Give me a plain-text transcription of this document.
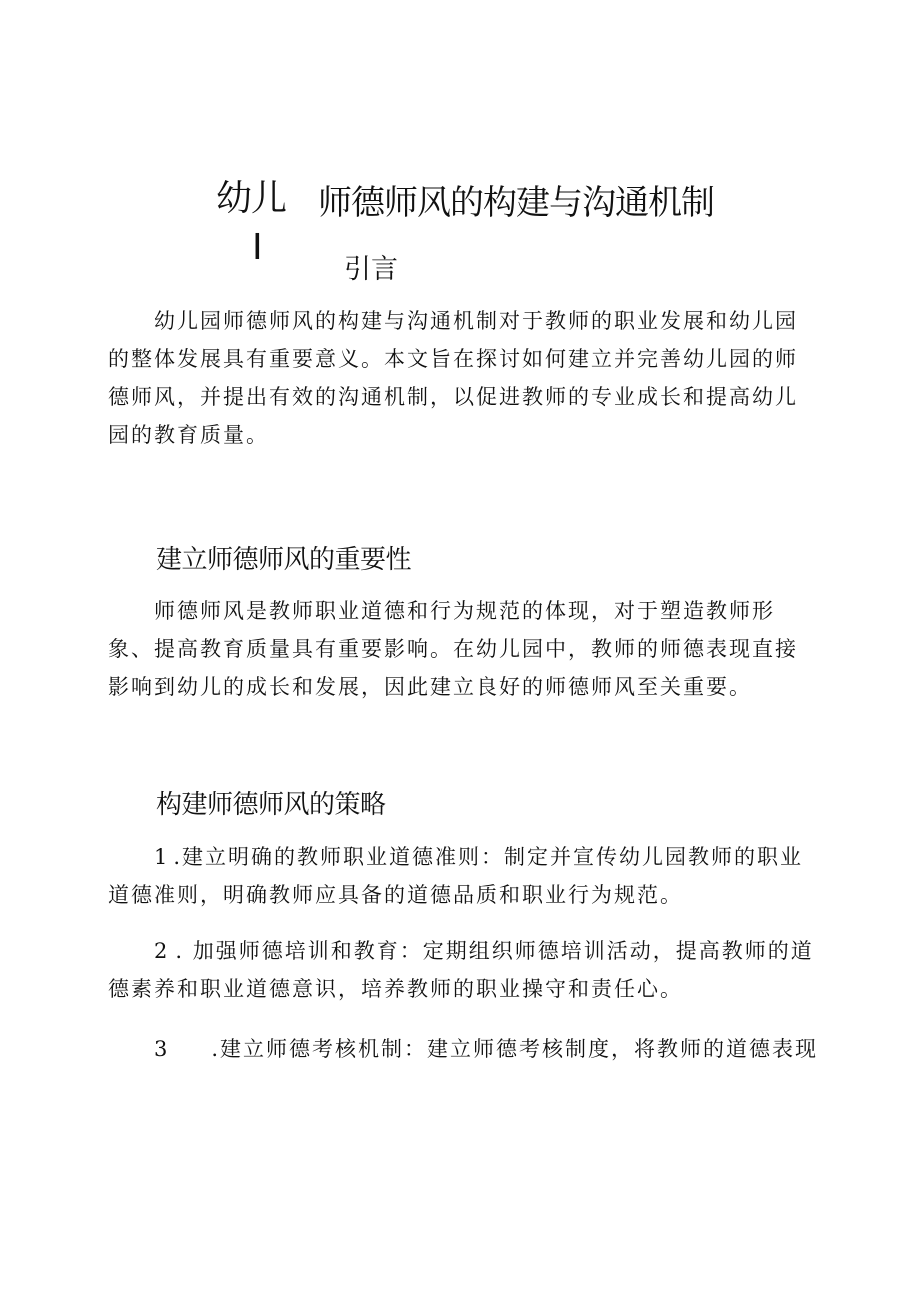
幼儿
I
师德师风的构建与沟通机制
引言

幼儿园师德师风的构建与沟通机制对于教师的职业发展和幼儿园的整体发展具有重要意义。本文旨在探讨如何建立并完善幼儿园的师德师风，并提出有效的沟通机制，以促进教师的专业成长和提高幼儿园的教育质量。

建立师德师风的重要性

师德师风是教师职业道德和行为规范的体现，对于塑造教师形象、提高教育质量具有重要影响。在幼儿园中，教师的师德表现直接影响到幼儿的成长和发展，因此建立良好的师德师风至关重要。

构建师德师风的策略

1 .建立明确的教师职业道德准则：制定并宣传幼儿园教师的职业道德准则，明确教师应具备的道德品质和职业行为规范。

2 . 加强师德培训和教育：定期组织师德培训活动，提高教师的道德素养和职业道德意识，培养教师的职业操守和责任心。

3 .建立师德考核机制：建立师德考核制度，将教师的道德表现
